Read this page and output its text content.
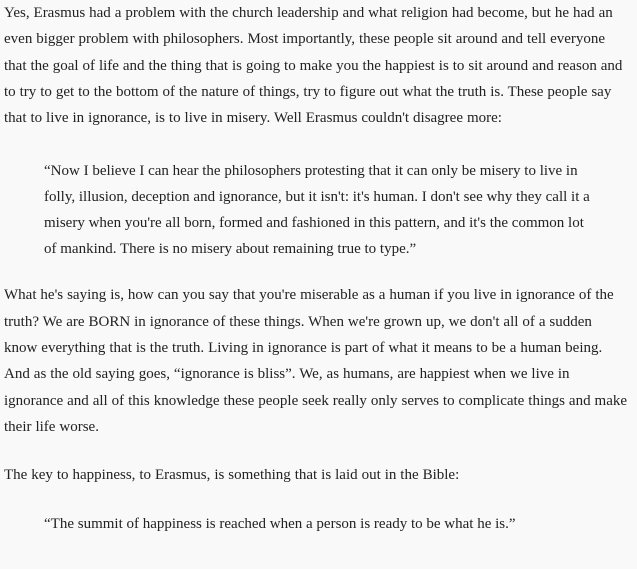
Yes, Erasmus had a problem with the church leadership and what religion had become, but he had an even bigger problem with philosophers. Most importantly, these people sit around and tell everyone that the goal of life and the thing that is going to make you the happiest is to sit around and reason and to try to get to the bottom of the nature of things, try to figure out what the truth is. These people say that to live in ignorance, is to live in misery. Well Erasmus couldn't disagree more:

“Now I believe I can hear the philosophers protesting that it can only be misery to live in folly, illusion, deception and ignorance, but it isn't: it's human. I don't see why they call it a misery when you're all born, formed and fashioned in this pattern, and it's the common lot of mankind. There is no misery about remaining true to type.”

What he's saying is, how can you say that you're miserable as a human if you live in ignorance of the truth? We are BORN in ignorance of these things. When we're grown up, we don't all of a sudden know everything that is the truth. Living in ignorance is part of what it means to be a human being. And as the old saying goes, “ignorance is bliss”. We, as humans, are happiest when we live in ignorance and all of this knowledge these people seek really only serves to complicate things and make their life worse.

The key to happiness, to Erasmus, is something that is laid out in the Bible:

“The summit of happiness is reached when a person is ready to be what he is.”
